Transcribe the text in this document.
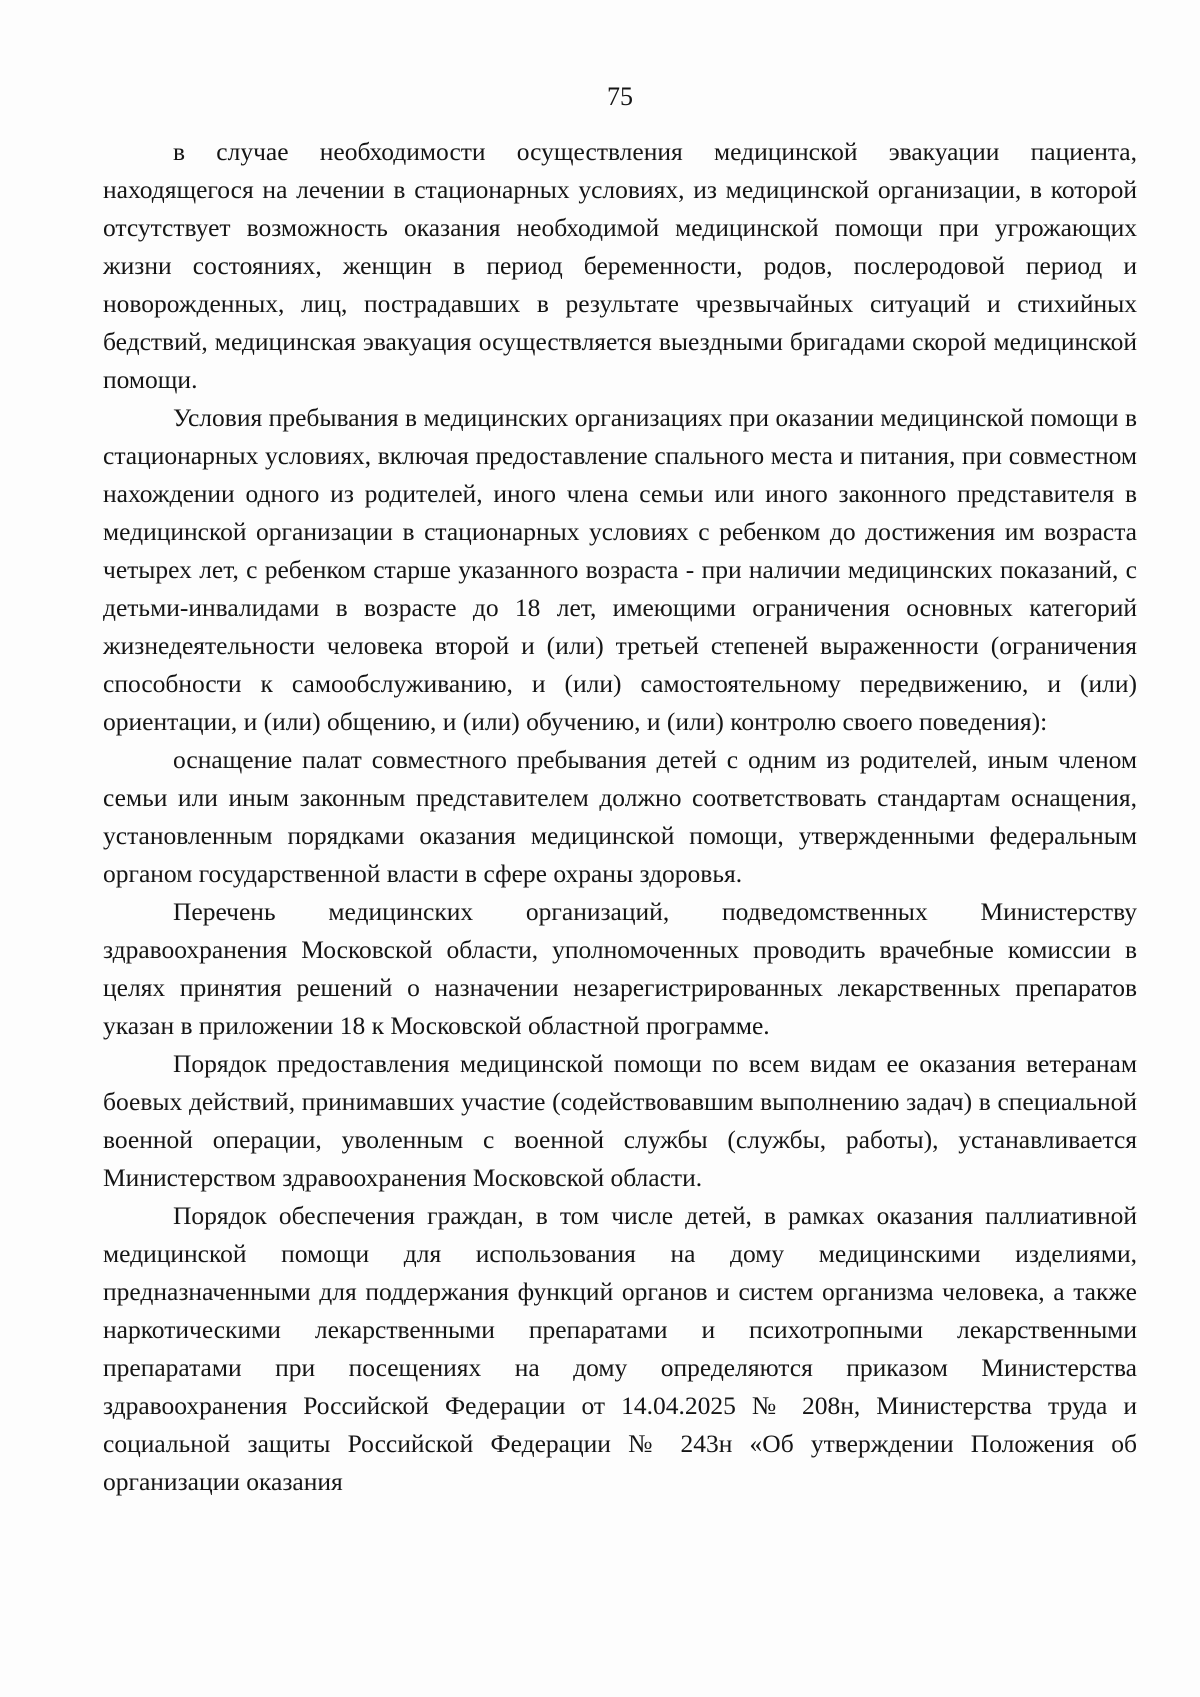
75

в случае необходимости осуществления медицинской эвакуации пациента, находящегося на лечении в стационарных условиях, из медицинской организации, в которой отсутствует возможность оказания необходимой медицинской помощи при угрожающих жизни состояниях, женщин в период беременности, родов, послеродовой период и новорожденных, лиц, пострадавших в результате чрезвычайных ситуаций и стихийных бедствий, медицинская эвакуация осуществляется выездными бригадами скорой медицинской помощи.

Условия пребывания в медицинских организациях при оказании медицинской помощи в стационарных условиях, включая предоставление спального места и питания, при совместном нахождении одного из родителей, иного члена семьи или иного законного представителя в медицинской организации в стационарных условиях с ребенком до достижения им возраста четырех лет, с ребенком старше указанного возраста - при наличии медицинских показаний, с детьми-инвалидами в возрасте до 18 лет, имеющими ограничения основных категорий жизнедеятельности человека второй и (или) третьей степеней выраженности (ограничения способности к самообслуживанию, и (или) самостоятельному передвижению, и (или) ориентации, и (или) общению, и (или) обучению, и (или) контролю своего поведения):

оснащение палат совместного пребывания детей с одним из родителей, иным членом семьи или иным законным представителем должно соответствовать стандартам оснащения, установленным порядками оказания медицинской помощи, утвержденными федеральным органом государственной власти в сфере охраны здоровья.

Перечень медицинских организаций, подведомственных Министерству здравоохранения Московской области, уполномоченных проводить врачебные комиссии в целях принятия решений о назначении незарегистрированных лекарственных препаратов указан в приложении 18 к Московской областной программе.

Порядок предоставления медицинской помощи по всем видам ее оказания ветеранам боевых действий, принимавших участие (содействовавшим выполнению задач) в специальной военной операции, уволенным с военной службы (службы, работы), устанавливается Министерством здравоохранения Московской области.

Порядок обеспечения граждан, в том числе детей, в рамках оказания паллиативной медицинской помощи для использования на дому медицинскими изделиями, предназначенными для поддержания функций органов и систем организма человека, а также наркотическими лекарственными препаратами и психотропными лекарственными препаратами при посещениях на дому определяются приказом Министерства здравоохранения Российской Федерации от 14.04.2025 № 208н, Министерства труда и социальной защиты Российской Федерации № 243н «Об утверждении Положения об организации оказания
